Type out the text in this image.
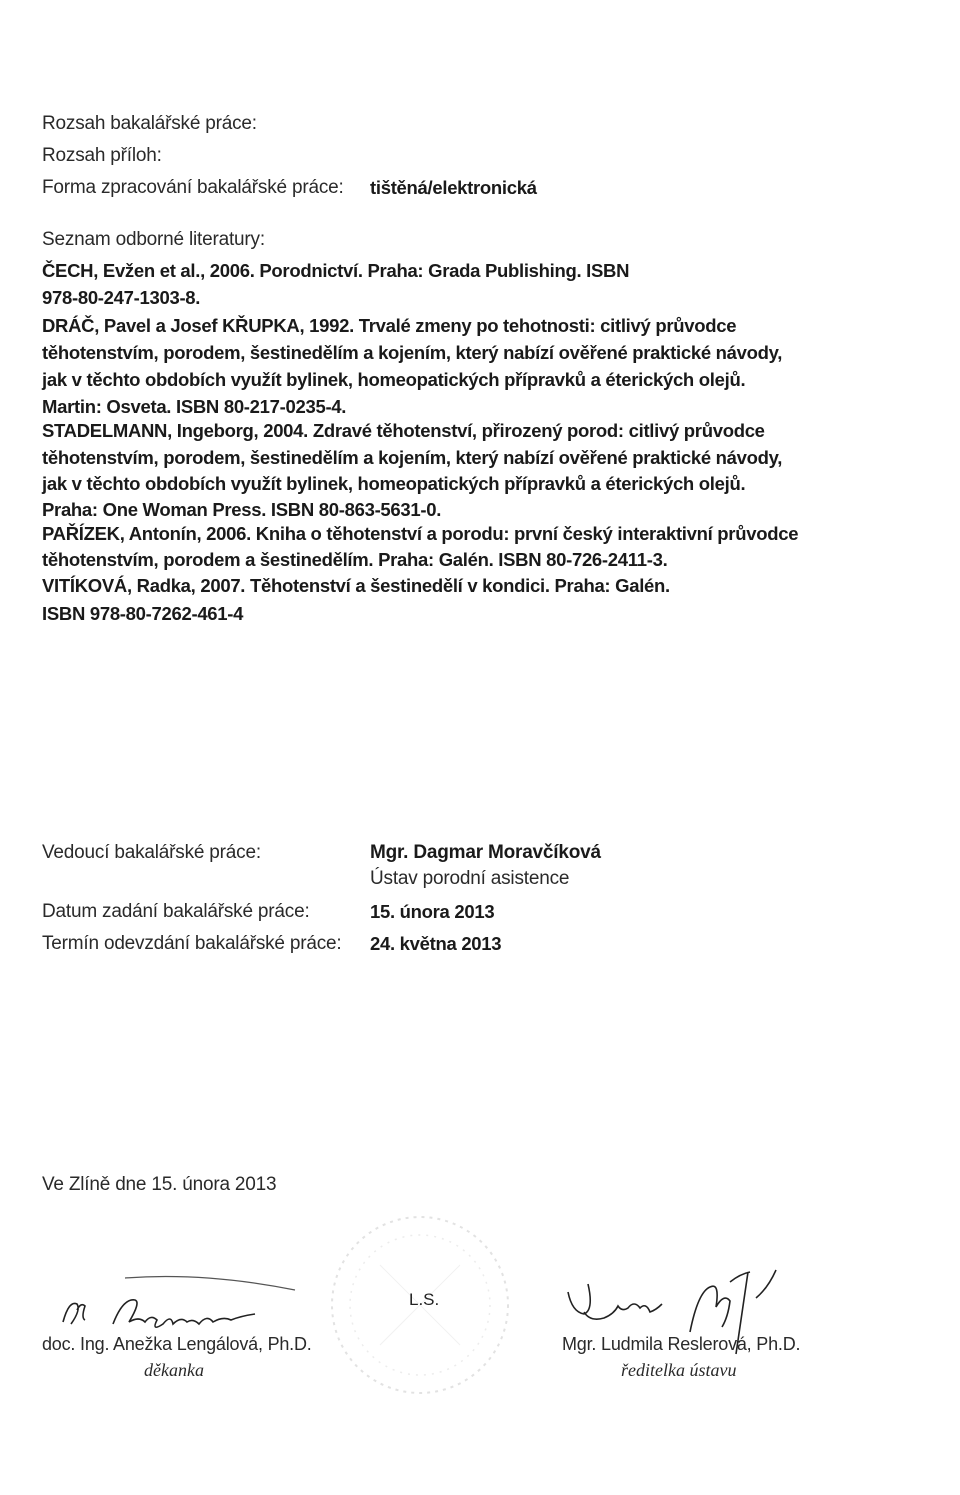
Rozsah bakalářské práce:
Rozsah příloh:
Forma zpracování bakalářské práce: tištěná/elektronická
Seznam odborné literatury:
ČECH, Evžen et al., 2006. Porodnictví. Praha: Grada Publishing. ISBN
978-80-247-1303-8.
DRÁČ, Pavel a Josef KŘUPKA, 1992. Trvalé zmeny po tehotnosti: citlivý průvodce
těhotenstvím, porodem, šestinedělím a kojením, který nabízí ověřené praktické návody,
jak v těchto obdobích využít bylinek, homeopatických přípravků a éterických olejů.
Martin: Osveta. ISBN 80-217-0235-4.
STADELMANN, Ingeborg, 2004. Zdravé těhotenství, přirozený porod: citlivý průvodce
těhotenstvím, porodem, šestinedělím a kojením, který nabízí ověřené praktické návody,
jak v těchto obdobích využít bylinek, homeopatických přípravků a éterických olejů.
Praha: One Woman Press. ISBN 80-863-5631-0.
PAŘÍZEK, Antonín, 2006. Kniha o těhotenství a porodu: první český interaktivní průvodce
těhotenstvím, porodem a šestinedělím. Praha: Galén. ISBN 80-726-2411-3.
VITÍKOVÁ, Radka, 2007. Těhotenství a šestinedělí v kondici. Praha: Galén.
ISBN 978-80-7262-461-4
Vedoucí bakalářské práce:	Mgr. Dagmar Moravčíková
Ústav porodní asistence
Datum zadání bakalářské práce:	15. února 2013
Termín odevzdání bakalářské práce: 24. května 2013
Ve Zlíně dne 15. února 2013
L.S.
doc. Ing. Anežka Lengálová, Ph.D.
děkanka
Mgr. Ludmila Reslerová, Ph.D.
ředitelka ústavu
